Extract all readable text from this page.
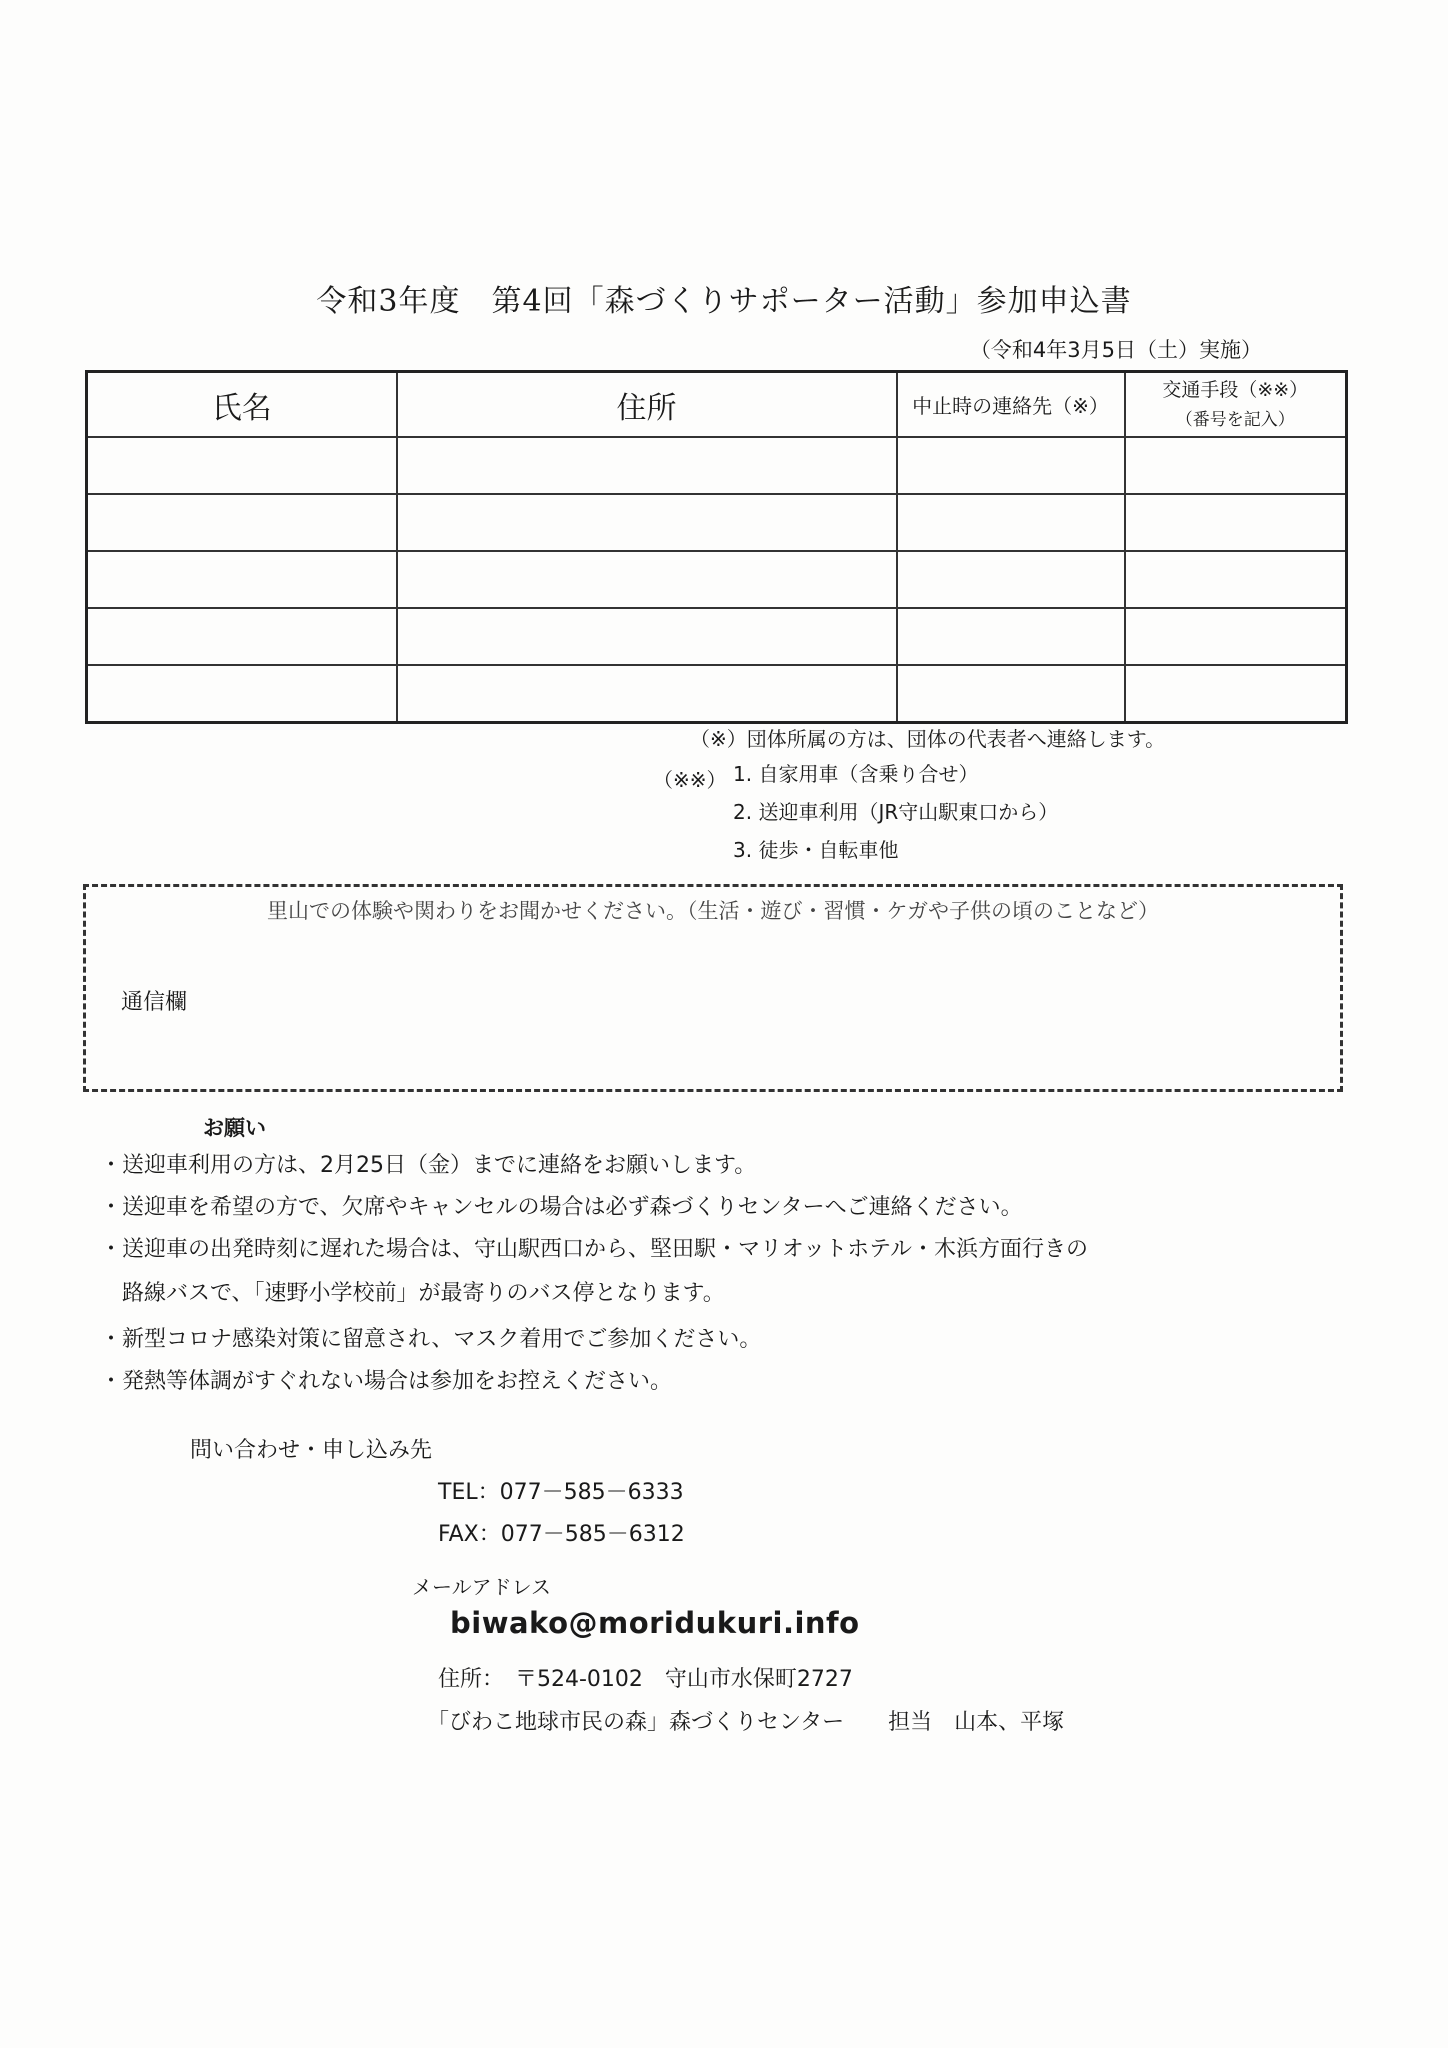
令和3年度　第4回「森づくりサポーター活動」参加申込書
（令和4年3月5日（土）実施）
氏名	住所	中止時の連絡先（※）	交通手段（※※）
（番号を記入）

（※）団体所属の方は、団体の代表者へ連絡します。
（※※） 1. 自家用車（含乗り合せ）
2. 送迎車利用（JR守山駅東口から）
3. 徒歩・自転車他
里山での体験や関わりをお聞かせください。（生活・遊び・習慣・ケガや子供の頃のことなど）
通信欄
お願い
・送迎車利用の方は、2月25日（金）までに連絡をお願いします。
・送迎車を希望の方で、欠席やキャンセルの場合は必ず森づくりセンターへご連絡ください。
・送迎車の出発時刻に遅れた場合は、守山駅西口から、堅田駅・マリオットホテル・木浜方面行きの
　路線バスで、「速野小学校前」が最寄りのバス停となります。
・新型コロナ感染対策に留意され、マスク着用でご参加ください。
・発熱等体調がすぐれない場合は参加をお控えください。
問い合わせ・申し込み先
TEL：077－585－6333
FAX：077－585－6312
メールアドレス
biwako@moridukuri.info
住所：　〒524-0102　守山市水保町2727
「びわこ地球市民の森」森づくりセンター　　担当　山本、平塚
